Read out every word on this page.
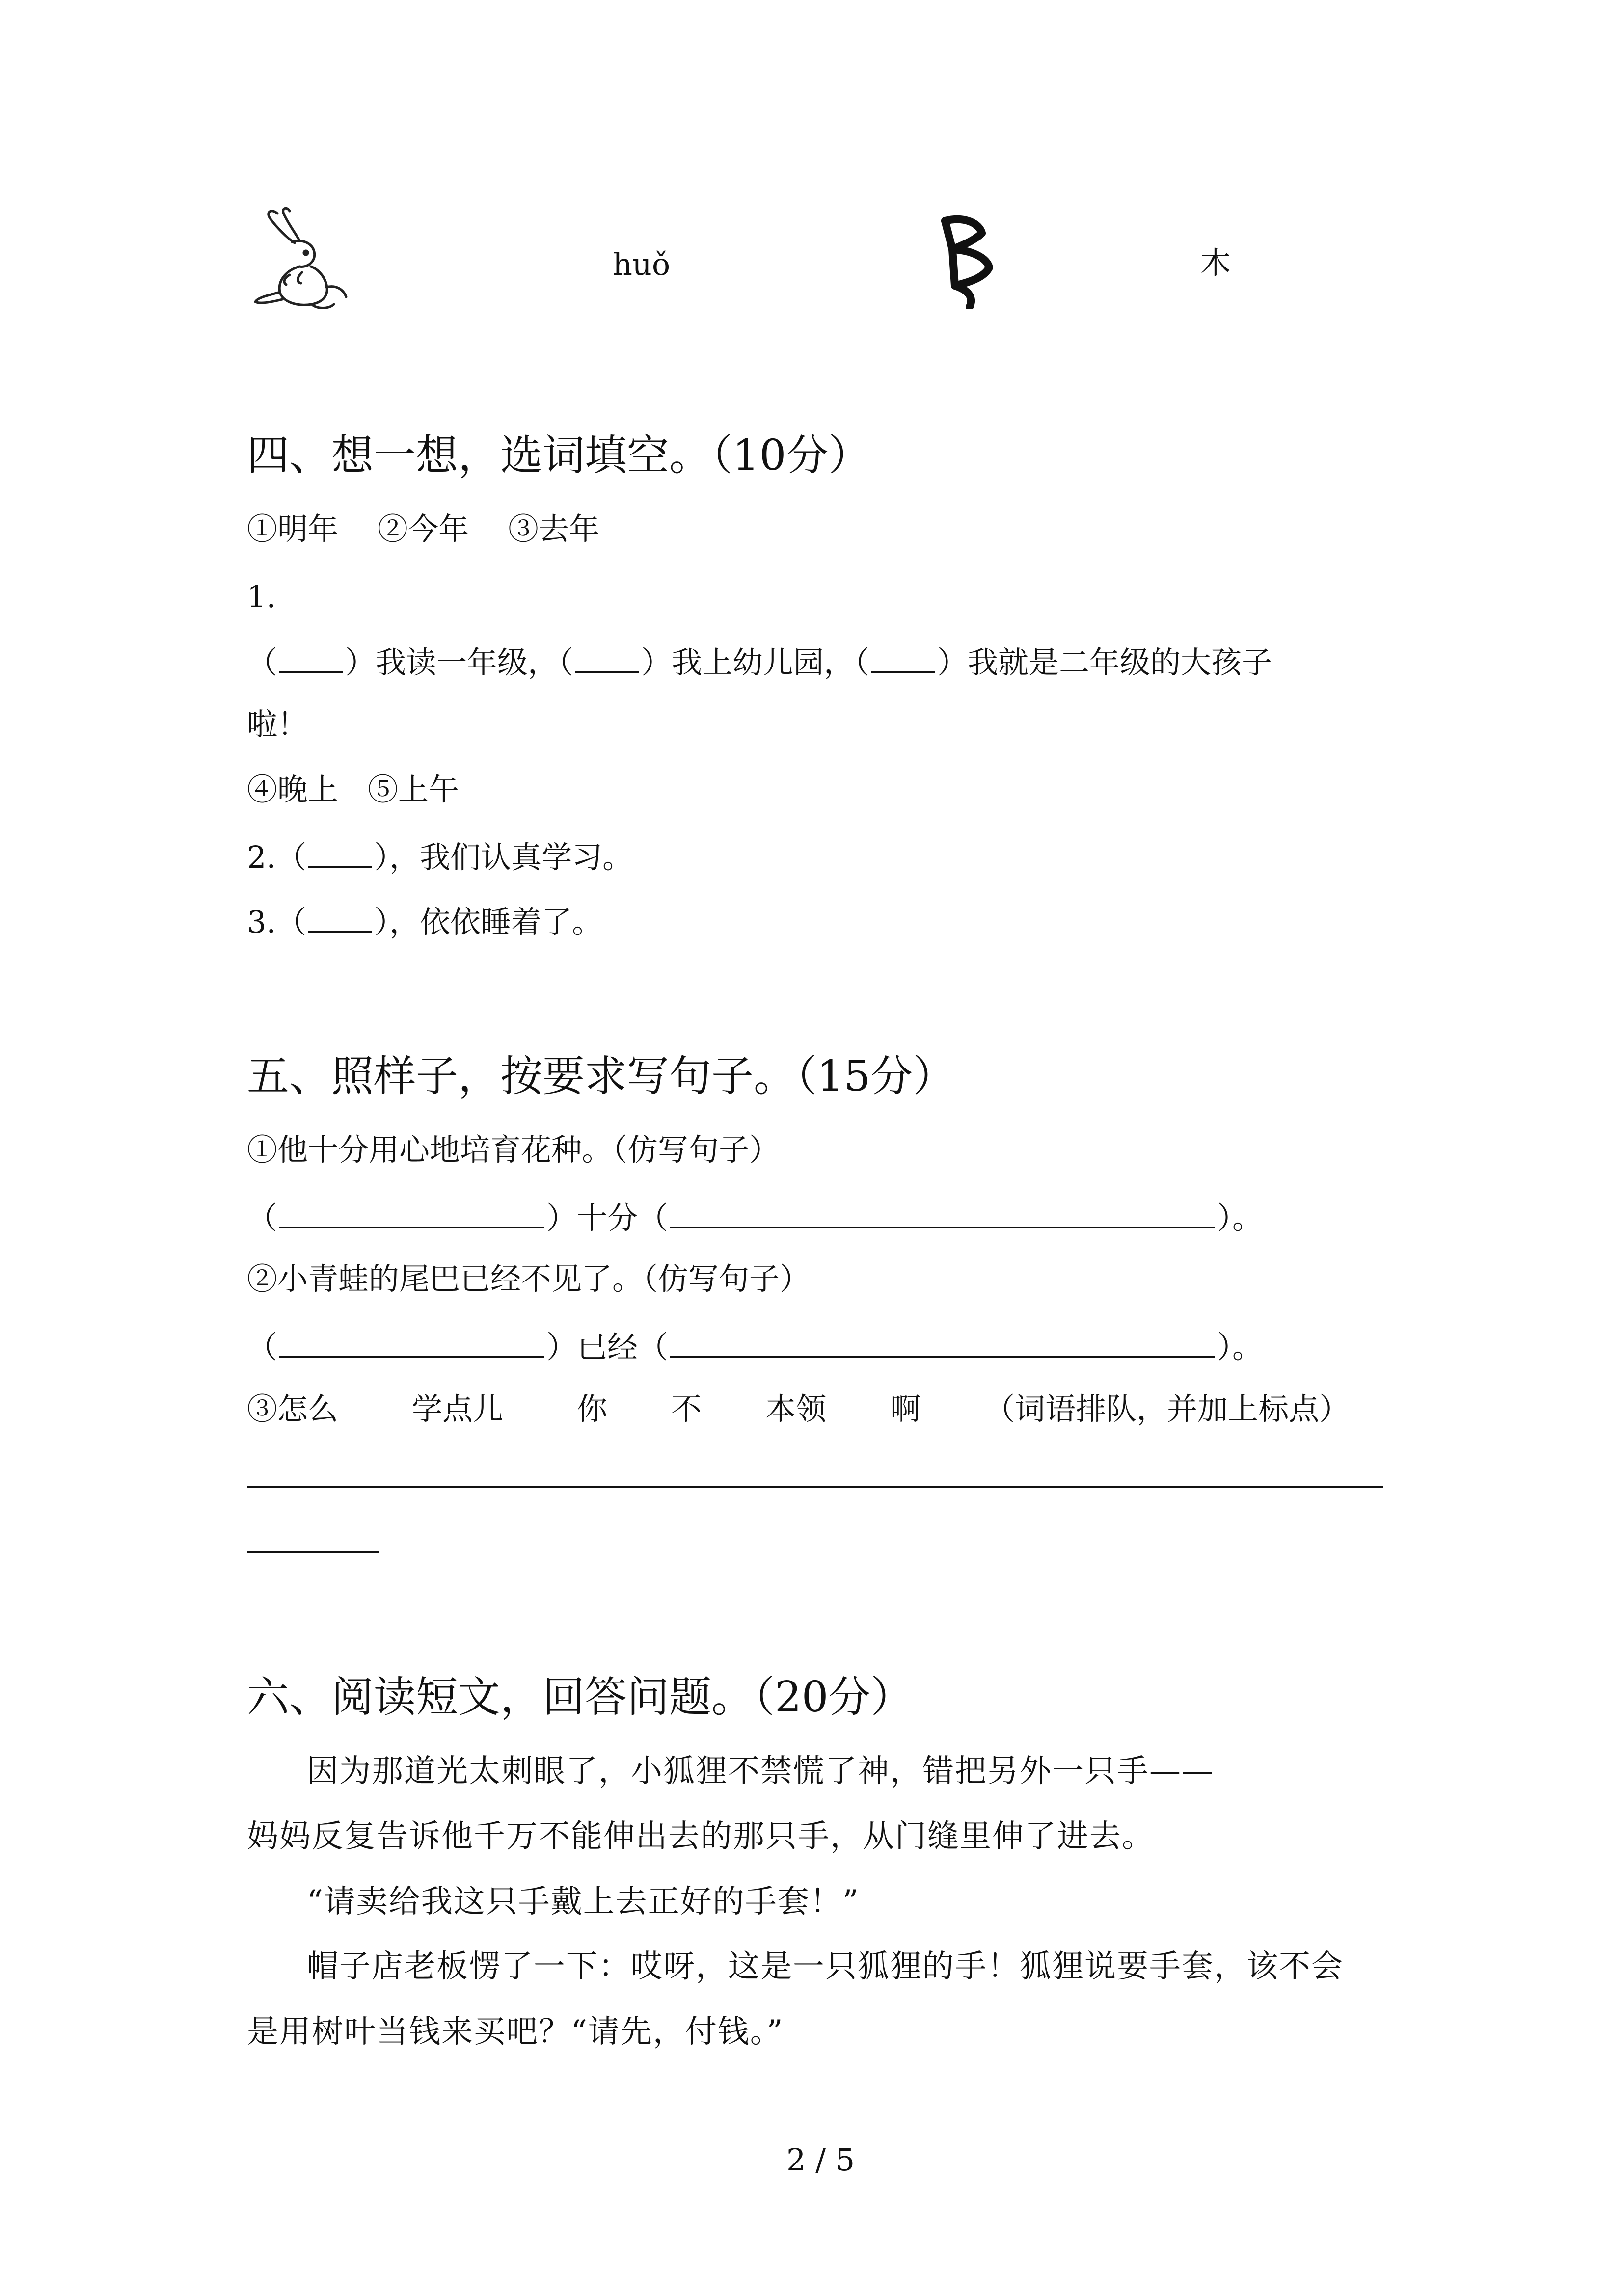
huǒ	木
四、想一想，选词填空。（10分）
①明年 ②今年 ③去年
1.
（ ）我读一年级，（ ）我上幼儿园，（ ）我就是二年级的大孩子
啦！
④晚上 ⑤上午
2.（ ），我们认真学习。
3.（ ），依依睡着了。
五、照样子，按要求写句子。（15分）
①他十分用心地培育花种。（仿写句子）
（	）十分（	）。
②小青蛙的尾巴已经不见了。（仿写句子）
（	）已经（	）。
③怎么 学点儿 你 不 本领 啊 （词语排队，并加上标点）
六、阅读短文，回答问题。（20分）
因为那道光太刺眼了，小狐狸不禁慌了神，错把另外一只手——
妈妈反复告诉他千万不能伸出去的那只手，从门缝里伸了进去。
“请卖给我这只手戴上去正好的手套！”
帽子店老板愣了一下：哎呀，这是一只狐狸的手！狐狸说要手套，该不会
是用树叶当钱来买吧？“请先，付钱。”
2 / 5
